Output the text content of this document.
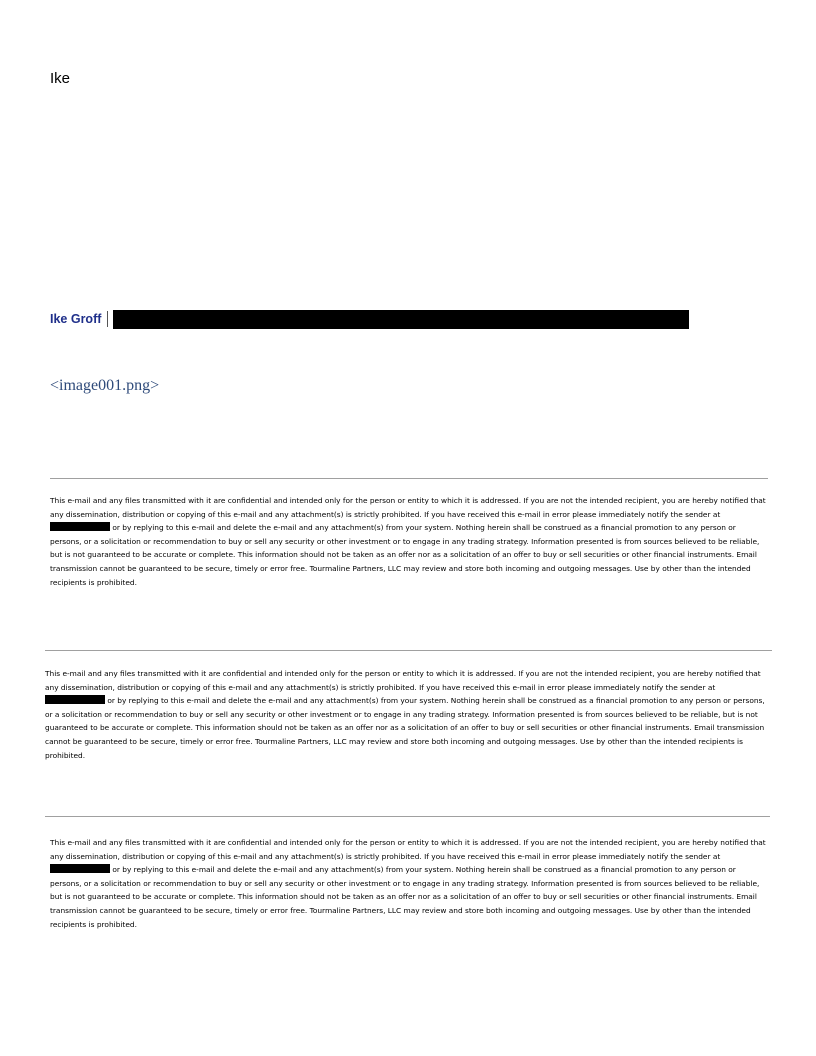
Ike
Ike Groff
<image001.png>
This e-mail and any files transmitted with it are confidential and intended only for the person or entity to which it is addressed. If you are not the intended recipient, you are hereby notified that any dissemination, distribution or copying of this e-mail and any attachment(s) is strictly prohibited. If you have received this e-mail in error please immediately notify the sender at  or by replying to this e-mail and delete the e-mail and any attachment(s) from your system. Nothing herein shall be construed as a financial promotion to any person or persons, or a solicitation or recommendation to buy or sell any security or other investment or to engage in any trading strategy. Information presented is from sources believed to be reliable, but is not guaranteed to be accurate or complete. This information should not be taken as an offer nor as a solicitation of an offer to buy or sell securities or other financial instruments. Email transmission cannot be guaranteed to be secure, timely or error free. Tourmaline Partners, LLC may review and store both incoming and outgoing messages. Use by other than the intended recipients is prohibited.
This e-mail and any files transmitted with it are confidential and intended only for the person or entity to which it is addressed. If you are not the intended recipient, you are hereby notified that any dissemination, distribution or copying of this e-mail and any attachment(s) is strictly prohibited. If you have received this e-mail in error please immediately notify the sender at  or by replying to this e-mail and delete the e-mail and any attachment(s) from your system. Nothing herein shall be construed as a financial promotion to any person or persons, or a solicitation or recommendation to buy or sell any security or other investment or to engage in any trading strategy. Information presented is from sources believed to be reliable, but is not guaranteed to be accurate or complete. This information should not be taken as an offer nor as a solicitation of an offer to buy or sell securities or other financial instruments. Email transmission cannot be guaranteed to be secure, timely or error free. Tourmaline Partners, LLC may review and store both incoming and outgoing messages. Use by other than the intended recipients is prohibited.
This e-mail and any files transmitted with it are confidential and intended only for the person or entity to which it is addressed. If you are not the intended recipient, you are hereby notified that any dissemination, distribution or copying of this e-mail and any attachment(s) is strictly prohibited. If you have received this e-mail in error please immediately notify the sender at  or by replying to this e-mail and delete the e-mail and any attachment(s) from your system. Nothing herein shall be construed as a financial promotion to any person or persons, or a solicitation or recommendation to buy or sell any security or other investment or to engage in any trading strategy. Information presented is from sources believed to be reliable, but is not guaranteed to be accurate or complete. This information should not be taken as an offer nor as a solicitation of an offer to buy or sell securities or other financial instruments. Email transmission cannot be guaranteed to be secure, timely or error free. Tourmaline Partners, LLC may review and store both incoming and outgoing messages. Use by other than the intended recipients is prohibited.
